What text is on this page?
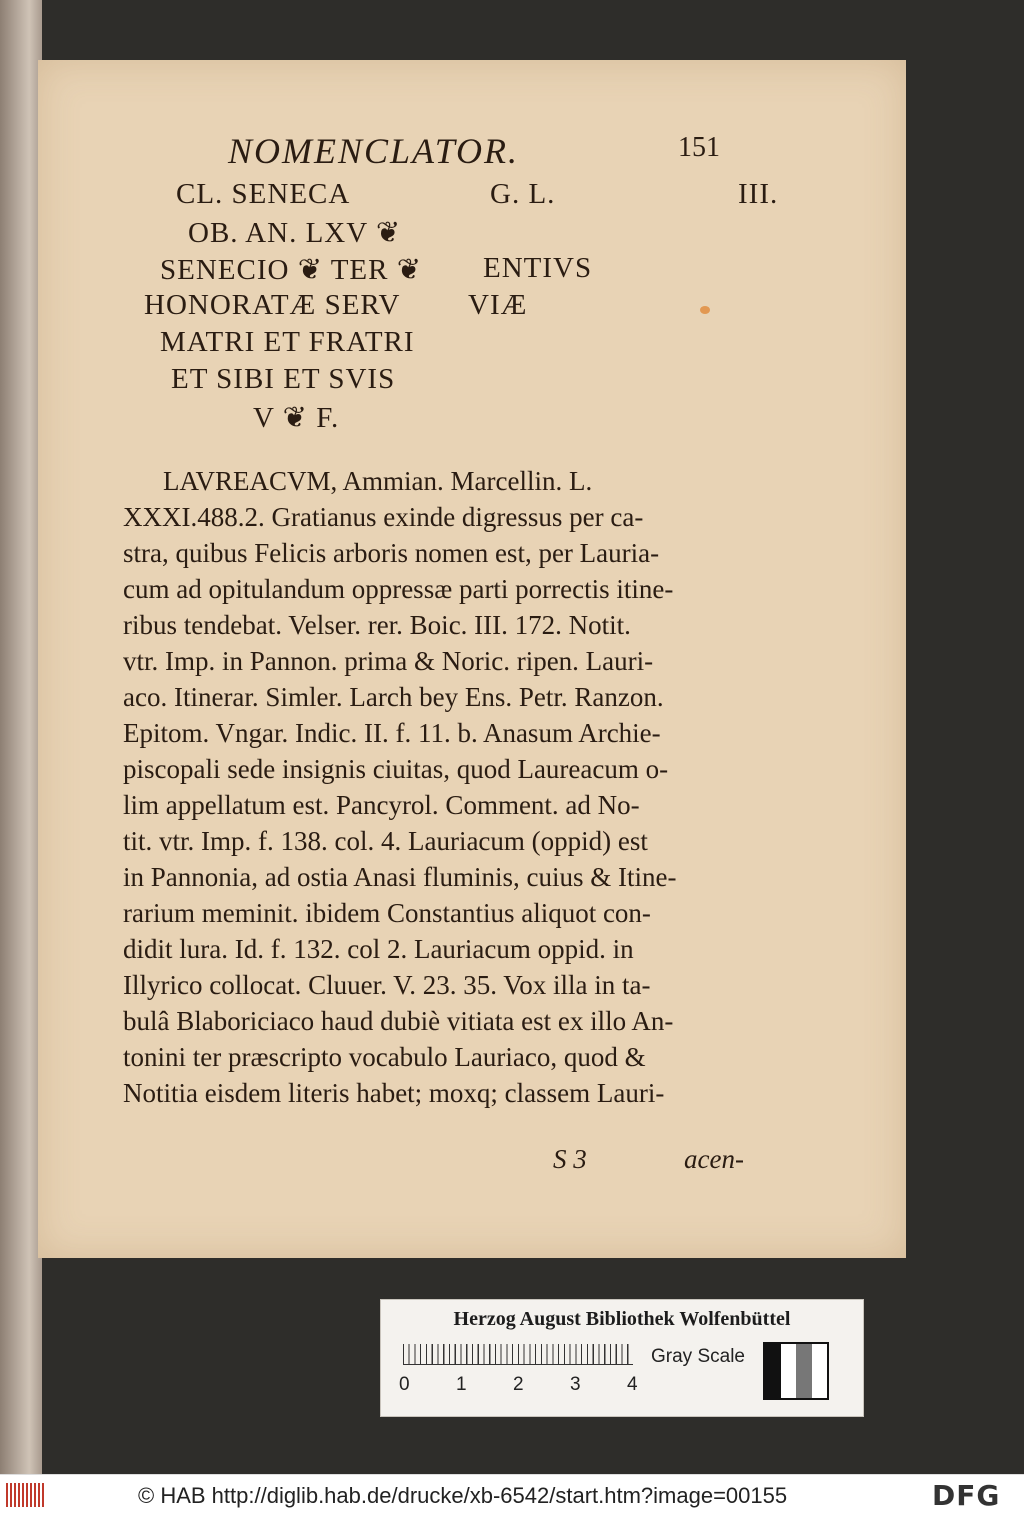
NOMENCLATOR.	151
CL. SENECA	G. L.	III.
OB. AN. LXV ❦
SENECIO ❦ TER ❦ ENTIVS
HONORATÆ SERV VIÆ
MATRI ET FRATRI
ET SIBI ET SVIS
V ❦ F.
LAVREACVM, Ammian. Marcellin. L.
XXXI.488.2. Gratianus exinde digressus per ca-
stra, quibus Felicis arboris nomen est, per Lauria-
cum ad opitulandum oppressæ parti porrectis itine-
ribus tendebat. Velser. rer. Boic. III. 172. Notit.
vtr. Imp. in Pannon. prima & Noric. ripen. Lauri-
aco. Itinerar. Simler. Larch bey Ens. Petr. Ranzon.
Epitom. Vngar. Indic. II. f. 11. b. Anasum Archie-
piscopali sede insignis ciuitas, quod Laureacum o-
lim appellatum est. Pancyrol. Comment. ad No-
tit. vtr. Imp. f. 138. col. 4. Lauriacum (oppid) est
in Pannonia, ad ostia Anasi fluminis, cuius & Itine-
rarium meminit. ibidem Constantius aliquot con-
didit lura. Id. f. 132. col 2. Lauriacum oppid. in
Illyrico collocat. Cluuer. V. 23. 35. Vox illa in ta-
bulâ Blaboriciaco haud dubiè vitiata est ex illo An-
tonini ter præscripto vocabulo Lauriaco, quod &
Notitia eisdem literis habet; moxq; classem Lauri-
S 3	acen-
Herzog August Bibliothek Wolfenbüttel
0 1 2 3 4
Gray Scale
© HAB http://diglib.hab.de/drucke/xb-6542/start.htm?image=00155	DFG
